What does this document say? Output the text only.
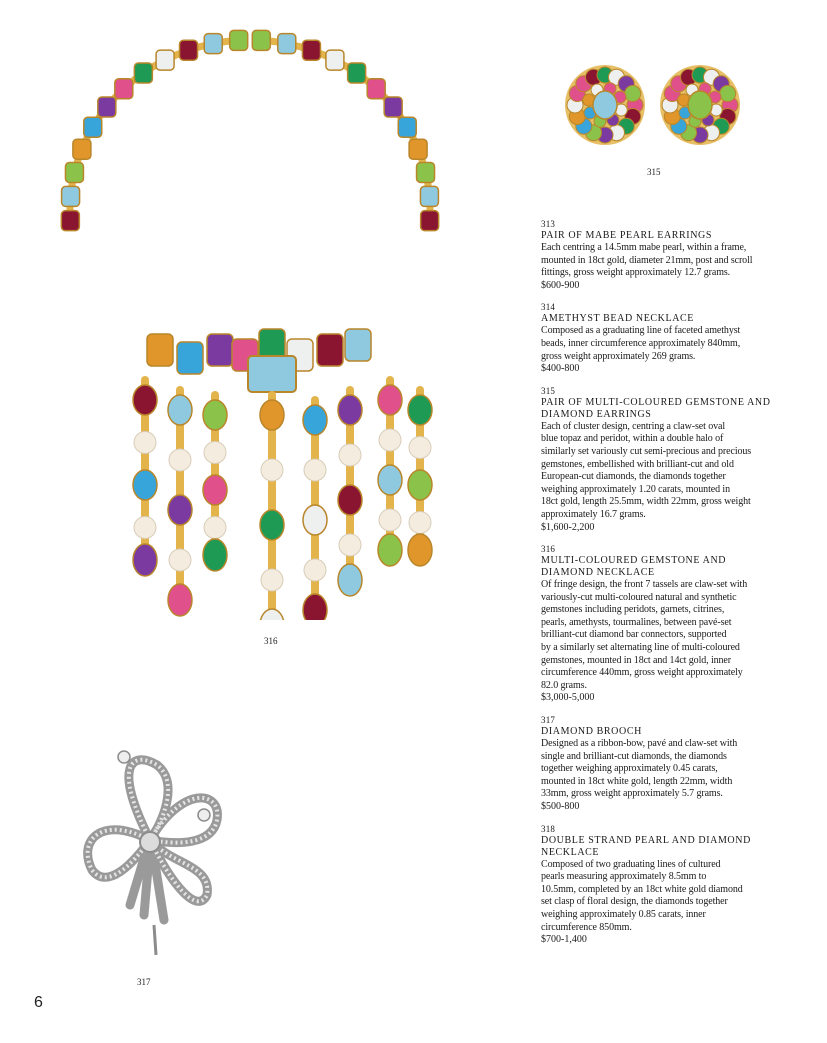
316
315
317
313
PAIR OF MABE PEARL EARRINGS
Each centring a 14.5mm mabe pearl, within a frame,
mounted in 18ct gold, diameter 21mm, post and scroll
fittings, gross weight approximately 12.7 grams.
$600-900
314
AMETHYST BEAD NECKLACE
Composed as a graduating line of faceted amethyst
beads, inner circumference approximately 840mm,
gross weight approximately 269 grams.
$400-800
315
PAIR OF MULTI-COLOURED GEMSTONE AND DIAMOND EARRINGS
Each of cluster design, centring a claw-set oval
blue topaz and peridot, within a double halo of
similarly set variously cut semi-precious and precious
gemstones, embellished with brilliant-cut and old
European-cut diamonds, the diamonds together
weighing approximately 1.20 carats, mounted in
18ct gold, length 25.5mm, width 22mm, gross weight
approximately 16.7 grams.
$1,600-2,200
316
MULTI-COLOURED GEMSTONE AND DIAMOND NECKLACE
Of fringe design, the front 7 tassels are claw-set with
variously-cut multi-coloured natural and synthetic
gemstones including peridots, garnets, citrines,
pearls, amethysts, tourmalines, between pavé-set
brilliant-cut diamond bar connectors, supported
by a similarly set alternating line of multi-coloured
gemstones, mounted in 18ct and 14ct gold, inner
circumference 440mm, gross weight approximately
82.0 grams.
$3,000-5,000
317
DIAMOND BROOCH
Designed as a ribbon-bow, pavé and claw-set with
single and brilliant-cut diamonds, the diamonds
together weighing approximately 0.45 carats,
mounted in 18ct white gold, length 22mm, width
33mm, gross weight approximately 5.7 grams.
$500-800
318
DOUBLE STRAND PEARL AND DIAMOND NECKLACE
Composed of two graduating lines of cultured
pearls measuring approximately 8.5mm to
10.5mm, completed by an 18ct white gold diamond
set clasp of floral design, the diamonds together
weighing approximately 0.85 carats, inner
circumference 850mm.
$700-1,400
6
